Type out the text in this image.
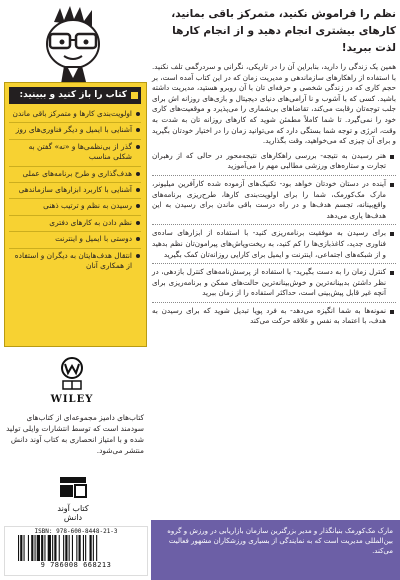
کتاب را باز کنید و ببینید:
اولویت‌بندی کارها و متمرکز باقی ماندن
آشنایی با ایمیل و دیگر فناوری‌های روز
گذر از بی‌نظمی‌ها و «نه» گفتن به شکلی مناسب
هدف‌گذاری و طرح برنامه‌های عملی
آشنایی با کاربرد ابزارهای سازماندهی
رسیدن به نظم و ترتیب ذهنی
نظم دادن به کارهای دفتری
دوستی با ایمیل و اینترنت
انتقال هدف‌هایتان به دیگران و استفاده از همکاری آنان
WILEY
کتاب‌های دامیز مجموعه‌ای از کتاب‌های سودمند است که توسط انتشارات وایلی تولید شده و با امتیاز انحصاری به کتاب آوند دانش منتشر می‌شود.
کتاب آوند دانش
ISBN: 978-600-8448-21-3
9 786008 668213
نظم را فراموش نکنید، متمرکز باقی بمانید، کارهای بیشتری انجام دهید و از انجام کارها لذت ببرید!
همین یک زندگی را دارید، بنابراین آن را در تاریکی، نگرانی و سردرگمی تلف نکنید. با استفاده از راهکارهای سازماندهی و مدیریت زمان که در این کتاب آمده است، بر حجم کاری که در زندگی شخصی و حرفه‌ای تان با آن روبرو هستید، مدیریت داشته باشید. کسی که با آشوب و نا آرامی‌های دنیای دیجیتال و بازی‌های روزانه اش برای جلب توجه‌تان رقابت می‌کند، تقاضاهای بی‌شماری را می‌پذیرد و موقعیت‌های کاری خود را نمی‌گیرد. تا شما کاملاً مطمئن شوید که کارهای روزانه تان به شدت به وقت، انرژی و توجه شما بستگی دارد که می‌توانید زمان را در اختیار خودتان بگیرید و برای آن چیزی که می‌خواهید، وقت بگذارید.
هنر رسیدن به نتیجه- بررسی راهکارهای نتیجه‌محور در حالی که از رهبران تجارت و ستاره‌های ورزشی مطالبی مهم را می‌آموزید
آینده در دستان خودتان خواهد بود- تکنیک‌های آزموده شده کارآفرین میلیونر، مارک مک‌کورمک، شما را برای اولویت‌بندی کارها، طرح‌ریزی برنامه‌های واقع‌بینانه، تجسم هدف‌ها و در راه درست باقی ماندن برای رسیدن به این هدف‌ها یاری می‌دهد
برای رسیدن به موفقیت برنامه‌ریزی کنید- با استفاده از ابزارهای ساده‌ی فناوری جدید، کاغذبازی‌ها را کم کنید، به ریخت‌و‌پاش‌های پیرامون‌تان نظم بدهید و از شبکه‌های اجتماعی، اینترنت و ایمیل برای کارایی روزانه‌تان کمک بگیرید
کنترل زمان را به دست بگیرید- با استفاده از پرسش‌نامه‌های کنترل بازدهی، در نظر داشتن بدبینانه‌ترین و خوش‌بینانه‌ترین حالت‌های ممکن و برنامه‌ریزی برای آنچه غیر قابل پیش‌بینی است، حداکثر استفاده را از زمان ببرید
نمونه‌ها به شما انگیزه می‌دهد- به فرد پویا تبدیل شوید که برای رسیدن به هدف، با اعتماد به نفس و علاقه حرکت می‌کند
مارک مک‌کورمک بنیانگذار و مدیر بزرگترین سازمان بازاریابی در ورزش و گروه بین‌المللی مدیریت است که به نمایندگی از بسیاری ورزشکاران مشهور فعالیت می‌کند.
